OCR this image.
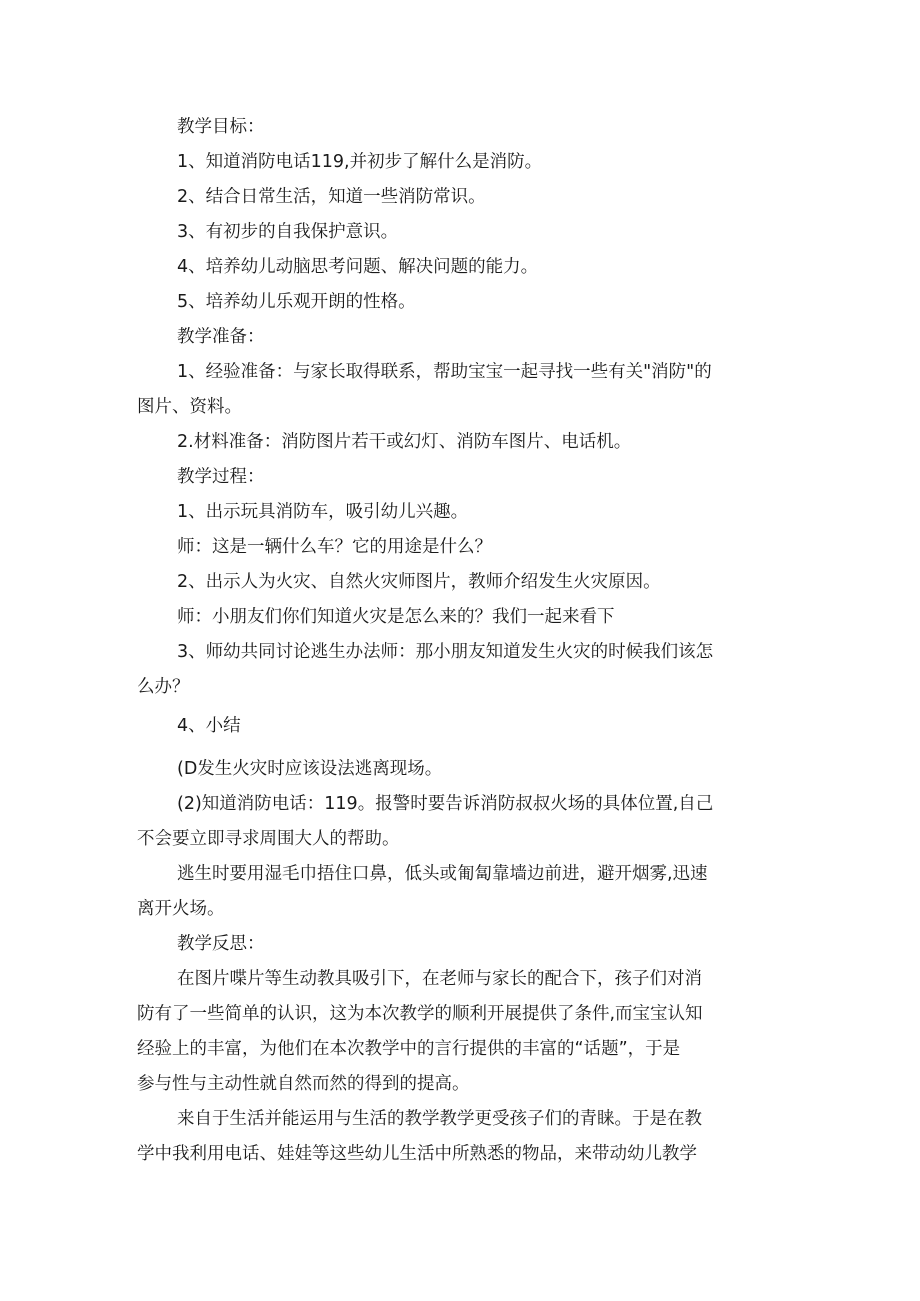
教学目标：
1、知道消防电话119,并初步了解什么是消防。
2、结合日常生活，知道一些消防常识。
3、有初步的自我保护意识。
4、培养幼儿动脑思考问题、解决问题的能力。
5、培养幼儿乐观开朗的性格。
教学准备：
1、经验准备：与家长取得联系，帮助宝宝一起寻找一些有关"消防"的
图片、资料。
2.材料准备：消防图片若干或幻灯、消防车图片、电话机。
教学过程：
1、出示玩具消防车，吸引幼儿兴趣。
师：这是一辆什么车？它的用途是什么？
2、出示人为火灾、自然火灾师图片，教师介绍发生火灾原因。
师：小朋友们你们知道火灾是怎么来的？我们一起来看下
3、师幼共同讨论逃生办法师：那小朋友知道发生火灾的时候我们该怎
么办？
4、小结
(D发生火灾时应该设法逃离现场。
(2)知道消防电话：119。报警时要告诉消防叔叔火场的具体位置,自己
不会要立即寻求周围大人的帮助。
逃生时要用湿毛巾捂住口鼻，低头或匍匐靠墙边前进，避开烟雾,迅速
离开火场。
教学反思：
在图片喋片等生动教具吸引下，在老师与家长的配合下，孩子们对消
防有了一些简单的认识，这为本次教学的顺利开展提供了条件,而宝宝认知
经验上的丰富，为他们在本次教学中的言行提供的丰富的“话题”，于是
参与性与主动性就自然而然的得到的提高。
来自于生活并能运用与生活的教学教学更受孩子们的青睐。于是在教
学中我利用电话、娃娃等这些幼儿生活中所熟悉的物品，来带动幼儿教学
